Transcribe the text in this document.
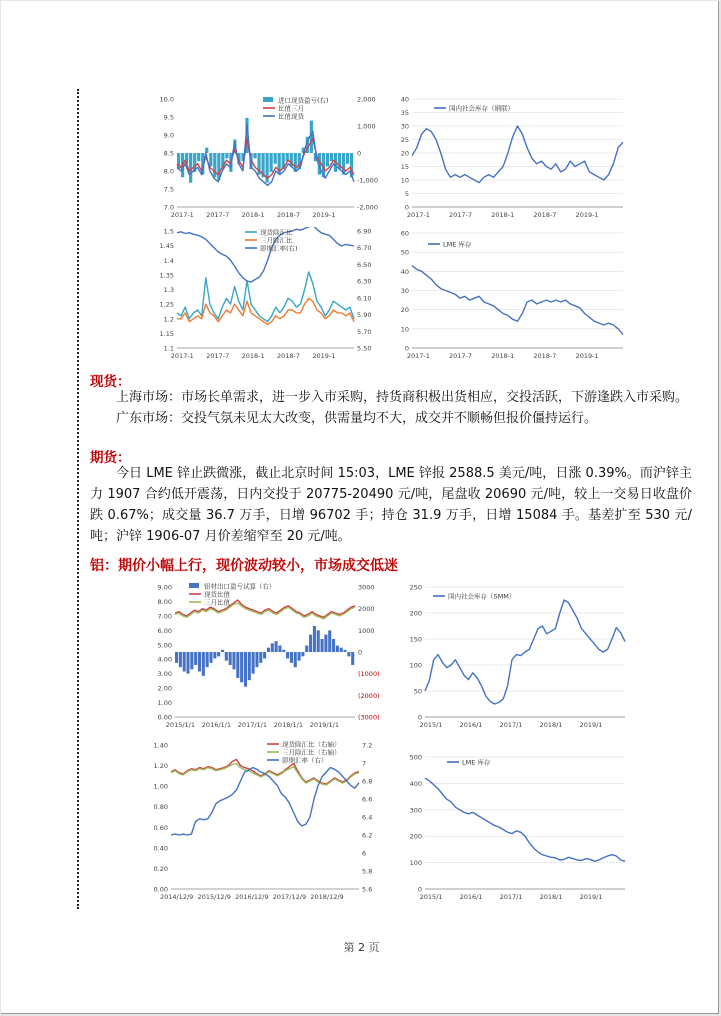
10.0
9.5
9.0
8.5
8.0
7.5
7.0
2,000
1,000
0
-1,000
-2,000
2017-1 2017-7 2018-1 2018-7 2019-1
进口现货盈亏(右)
比值三月
比值现货
40
35
30
25
20
15
10
5
0
2017-1	2017-7	2018-1	2018-7	2019-1
国内社会库存（钢联）
1.5
1.45
1.4
1.35
1.3
1.25
1.2
1.15
1.1
6.90
6.70
6.50
6.30
6.10
5.90
5.70
5.50
2017-1 2017-7 2018-1 2018-7 2019-1
现货除汇比
三月除汇比
即期汇率(右)
60
50
40
30
20
10
0
2017-1	2017-7	2018-1	2018-7	2019-1
LME 库存
现货：

上海市场：市场长单需求，进一步入市采购，持货商积极出货相应，交投活跃，下游逢跌入市采购。

广东市场：交投气氛未见太大改变，供需量均不大，成交并不顺畅但报价僵持运行。

期货：

今日 LME 锌止跌微涨，截止北京时间 15:03，LME 锌报 2588.5 美元/吨，日涨 0.39%。而沪锌主力 1907 合约低开震荡，日内交投于 20775-20490 元/吨，尾盘收 20690 元/吨，较上一交易日收盘价跌 0.67%；成交量 36.7 万手，日增 96702 手；持仓 31.9 万手，日增 15084 手。基差扩至 530 元/吨；沪锌 1906-07 月价差缩窄至 20 元/吨。

铝：期价小幅上行，现价波动较小，市场成交低迷
9.00
8.00
7.00
6.00
5.00
4.00
3.00
2.00
1.00
0.00
3000
2000
1000
0
(1000)
(2000)
(3000)
2015/1/1 2016/1/1 2017/1/1 2018/1/1 2019/1/1
铝材出口盈亏试算（右）
现货比值
三月比值
250
200
150
100
50
0
2015/1	2016/1	2017/1	2018/1	2019/1
国内社会库存（SMM）
1.40
1.20
1.00
0.80
0.60
0.40
0.20
0.00
7.2
7
6.8
6.6
6.4
6.2
6
5.8
5.6
2014/12/9 2015/12/9 2016/12/9 2017/12/9 2018/12/9
现货除汇比（右轴）
三月除汇比（右轴）
即期汇率（右）	500
400
300
200
100
0
2015/1	2016/1	2017/1	2018/1	2019/1
LME 库存
第 2 页
